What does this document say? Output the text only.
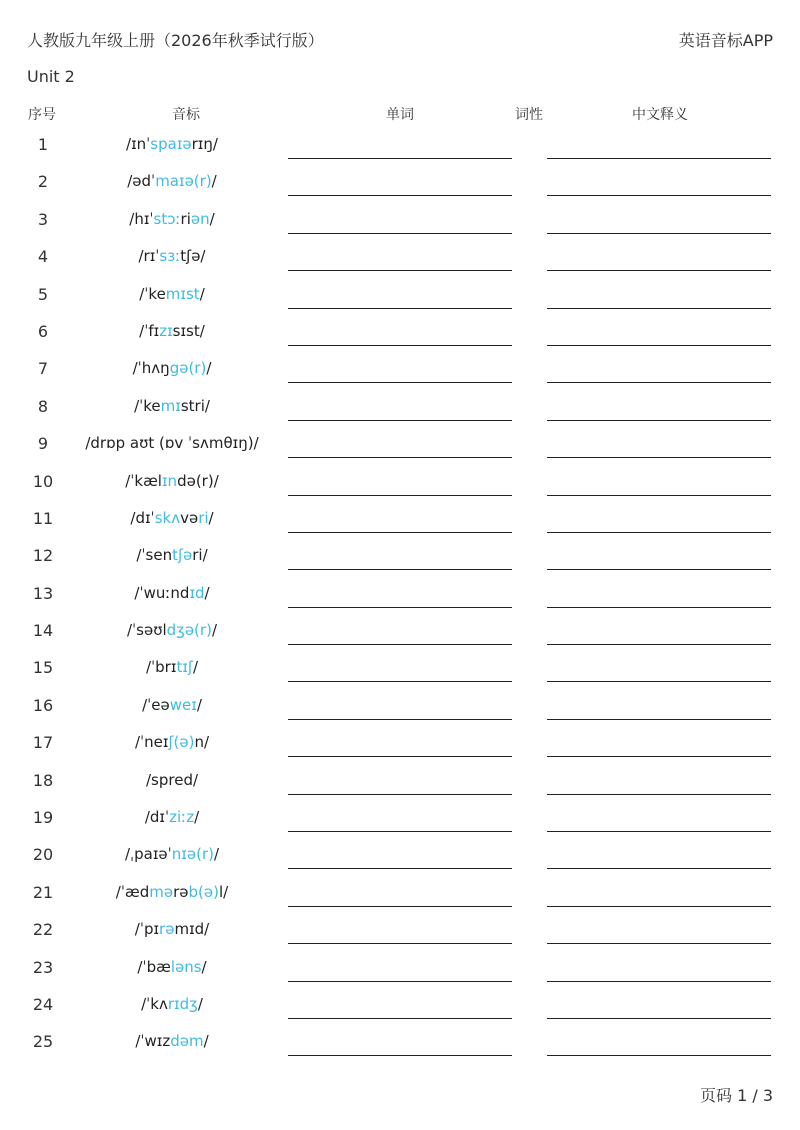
人教版九年级上册（2026年秋季试行版）	英语音标APP
Unit 2
序号	音标	单词	词性	中文释义
1	/ɪnˈspaɪərɪŋ/
2	/ədˈmaɪə(r)/
3	/hɪˈstɔːriən/
4	/rɪˈsɜːtʃə/
5	/ˈkemɪst/
6	/ˈfɪzɪsɪst/
7	/ˈhʌŋgə(r)/
8	/ˈkemɪstri/
9	/drɒp aʊt (ɒv ˈsʌmθɪŋ)/
10	/ˈkælɪndə(r)/
11	/dɪˈskʌvəri/
12	/ˈsentʃəri/
13	/ˈwuːndɪd/
14	/ˈsəʊldʒə(r)/
15	/ˈbrɪtɪʃ/
16	/ˈeəweɪ/
17	/ˈneɪʃ(ə)n/
18	/spred/
19	/dɪˈziːz/
20	/ˌpaɪəˈnɪə(r)/
21	/ˈædmərəb(ə)l/
22	/ˈpɪrəmɪd/
23	/ˈbæləns/
24	/ˈkʌrɪdʒ/
25	/ˈwɪzdəm/
页码 1 / 3
